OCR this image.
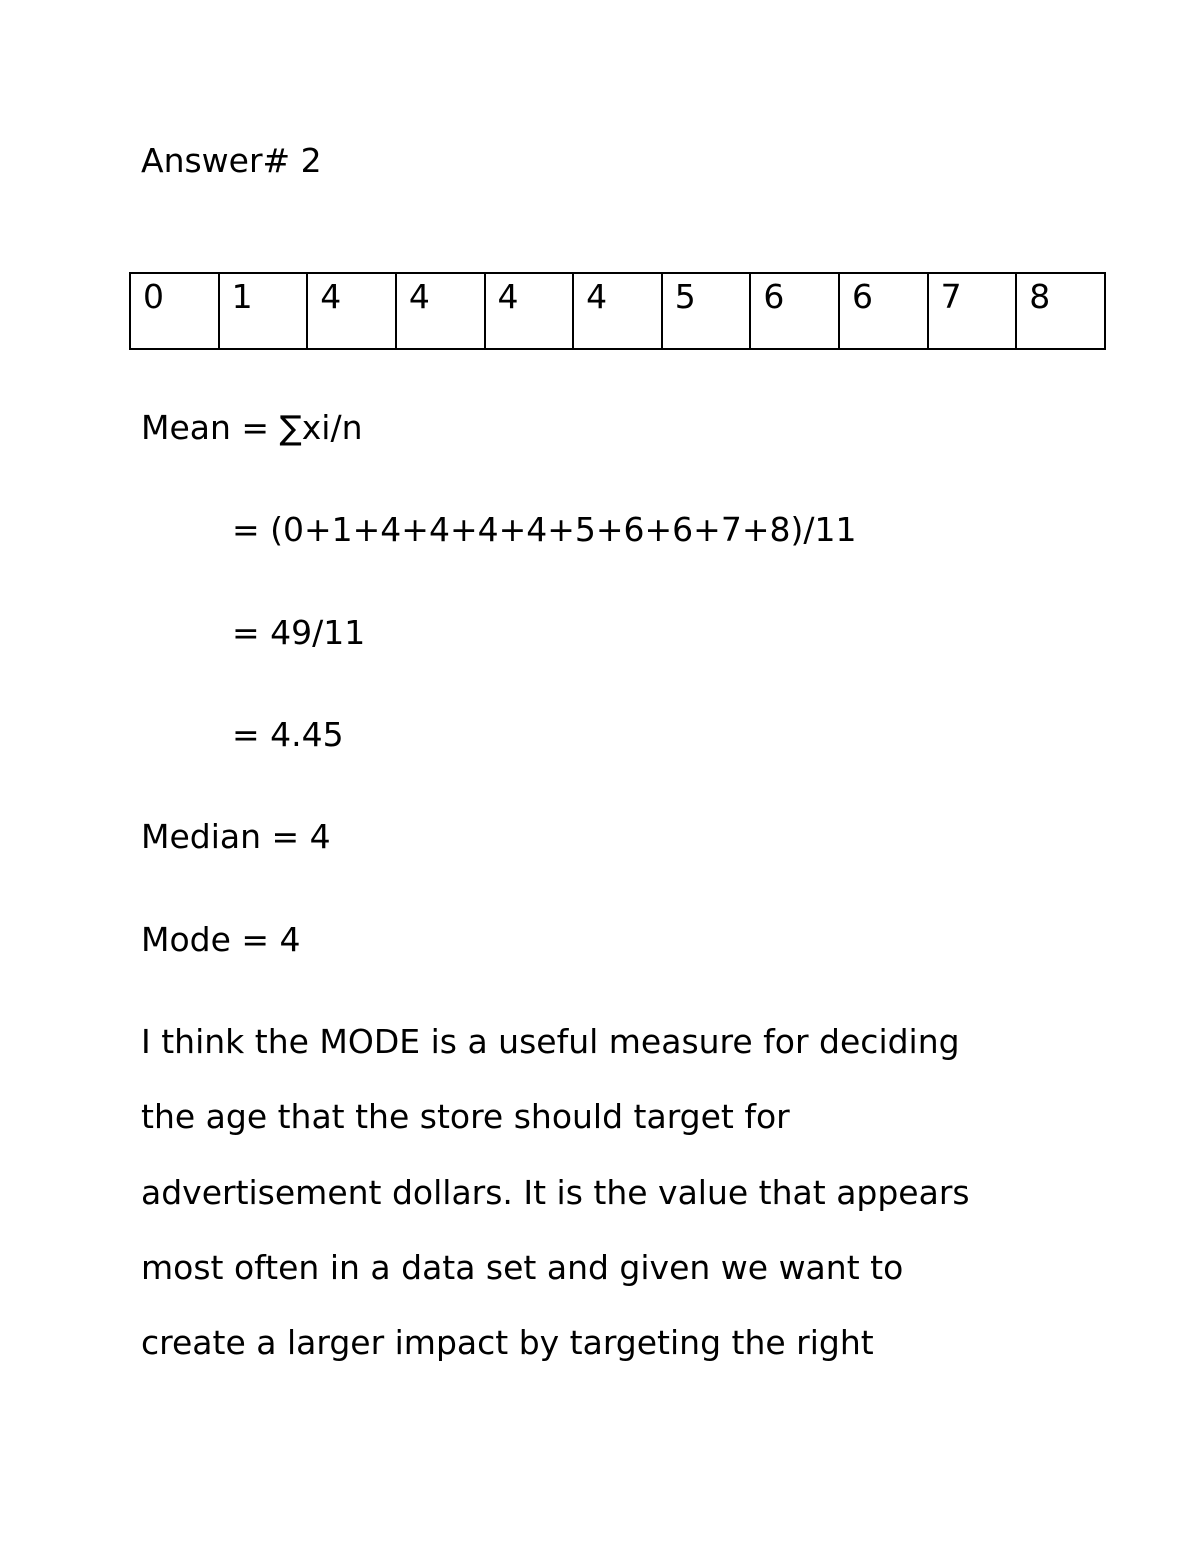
Answer# 2
0	1	4	4	4	4	5	6	6	7	8
Mean = ∑xi/n
= (0+1+4+4+4+4+5+6+6+7+8)/11
= 49/11
= 4.45
Median = 4
Mode = 4
I think the MODE is a useful measure for deciding
the age that the store should target for
advertisement dollars. It is the value that appears
most often in a data set and given we want to
create a larger impact by targeting the right
